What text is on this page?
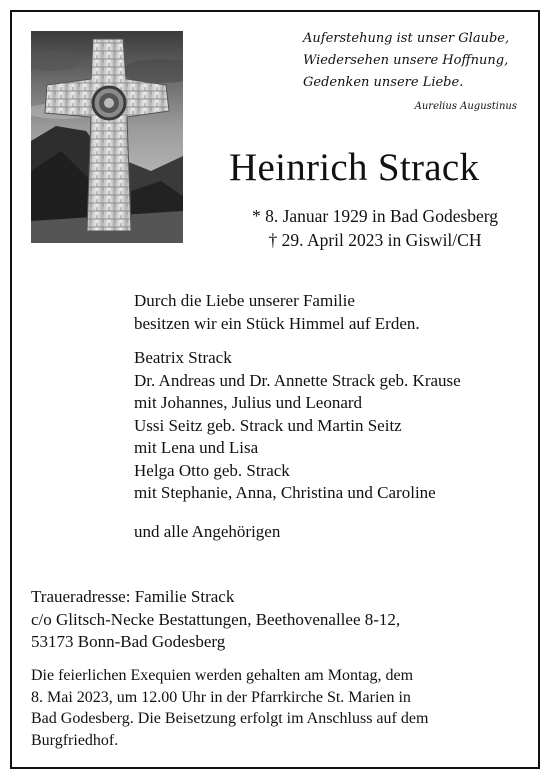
Auferstehung ist unser Glaube,
Wiedersehen unsere Hoffnung,
Gedenken unsere Liebe.
Aurelius Augustinus
Heinrich Strack
* 8. Januar 1929 in Bad Godesberg
† 29. April 2023 in Giswil/CH
Durch die Liebe unserer Familie
besitzen wir ein Stück Himmel auf Erden.
Beatrix Strack
Dr. Andreas und Dr. Annette Strack geb. Krause
mit Johannes, Julius und Leonard
Ussi Seitz geb. Strack und Martin Seitz
mit Lena und Lisa
Helga Otto geb. Strack
mit Stephanie, Anna, Christina und Caroline
und alle Angehörigen
Traueradresse: Familie Strack
c/o Glitsch-Necke Bestattungen, Beethovenallee 8-12,
53173 Bonn-Bad Godesberg
Die feierlichen Exequien werden gehalten am Montag, dem
8. Mai 2023, um 12.00 Uhr in der Pfarrkirche St. Marien in
Bad Godesberg. Die Beisetzung erfolgt im Anschluss auf dem
Burgfriedhof.
